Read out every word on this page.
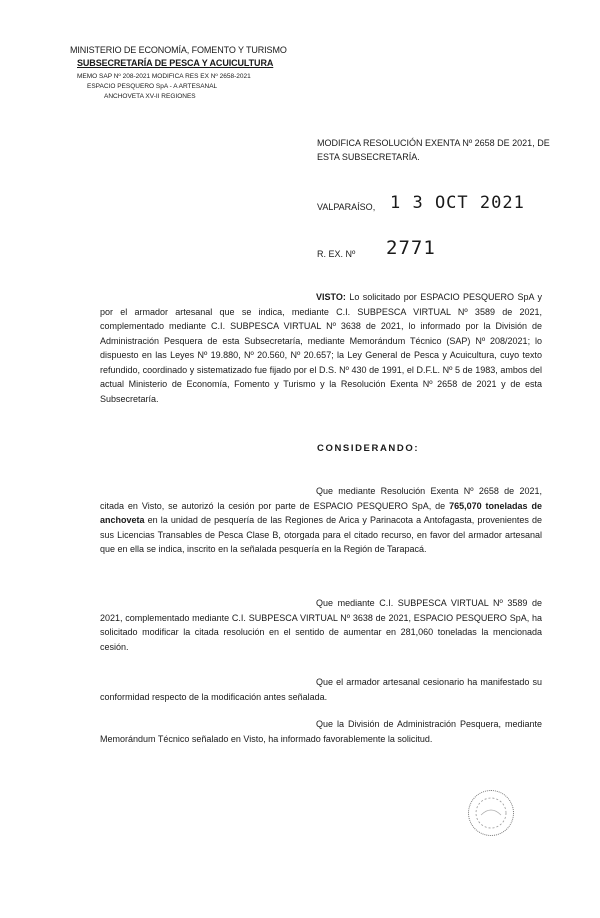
MINISTERIO DE ECONOMÍA, FOMENTO Y TURISMO
SUBSECRETARÍA DE PESCA Y ACUICULTURA
MEMO SAP Nº 208-2021 MODIFICA RES EX Nº 2658-2021
ESPACIO PESQUERO SpA - A ARTESANAL
ANCHOVETA XV-II REGIONES
MODIFICA RESOLUCIÓN EXENTA Nº 2658 DE 2021, DE
ESTA SUBSECRETARÍA.
VALPARAÍSO, 1 3 OCT 2021
R. EX. Nº 2771
VISTO: Lo solicitado por ESPACIO PESQUERO SpA y por el armador artesanal que se indica, mediante C.I. SUBPESCA VIRTUAL Nº 3589 de 2021, complementado mediante C.I. SUBPESCA VIRTUAL Nº 3638 de 2021, lo informado por la División de Administración Pesquera de esta Subsecretaría, mediante Memorándum Técnico (SAP) Nº 208/2021; lo dispuesto en las Leyes Nº 19.880, Nº 20.560, Nº 20.657; la Ley General de Pesca y Acuicultura, cuyo texto refundido, coordinado y sistematizado fue fijado por el D.S. Nº 430 de 1991, el D.F.L. Nº 5 de 1983, ambos del actual Ministerio de Economía, Fomento y Turismo y la Resolución Exenta Nº 2658 de 2021 y de esta Subsecretaría.
CONSIDERANDO:
Que mediante Resolución Exenta Nº 2658 de 2021, citada en Visto, se autorizó la cesión por parte de ESPACIO PESQUERO SpA, de 765,070 toneladas de anchoveta en la unidad de pesquería de las Regiones de Arica y Parinacota a Antofagasta, provenientes de sus Licencias Transables de Pesca Clase B, otorgada para el citado recurso, en favor del armador artesanal que en ella se indica, inscrito en la señalada pesquería en la Región de Tarapacá.
Que mediante C.I. SUBPESCA VIRTUAL Nº 3589 de 2021, complementado mediante C.I. SUBPESCA VIRTUAL Nº 3638 de 2021, ESPACIO PESQUERO SpA, ha solicitado modificar la citada resolución en el sentido de aumentar en 281,060 toneladas la mencionada cesión.
Que el armador artesanal cesionario ha manifestado su conformidad respecto de la modificación antes señalada.
Que la División de Administración Pesquera, mediante Memorándum Técnico señalado en Visto, ha informado favorablemente la solicitud.
